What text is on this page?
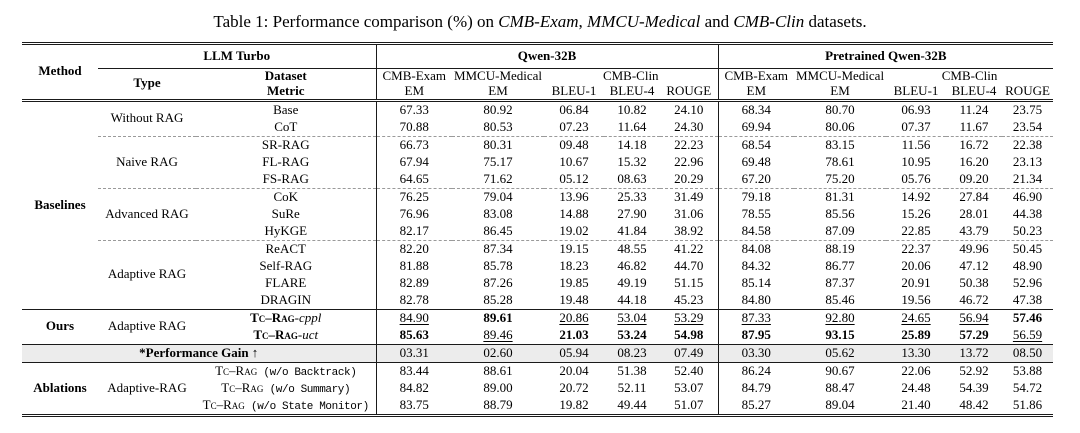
Table 1: Performance comparison (%) on CMB-Exam, MMCU-Medical and CMB-Clin datasets.
Method	LLM Turbo		Qwen-32B					Pretrained Qwen-32B				
	Type	Dataset	CMB-Exam	MMCU-Medical	CMB-Clin			CMB-Exam	MMCU-Medical	CMB-Clin		
		Metric	EM	EM	BLEU-1	BLEU-4	ROUGE	EM	EM	BLEU-1	BLEU-4	ROUGE
Baselines	Without RAG	Base	67.33	80.92	06.84	10.82	24.10	68.34	80.70	06.93	11.24	23.75
		CoT	70.88	80.53	07.23	11.64	24.30	69.94	80.06	07.37	11.67	23.54
	Naive RAG	SR-RAG	66.73	80.31	09.48	14.18	22.23	68.54	83.15	11.56	16.72	22.38
		FL-RAG	67.94	75.17	10.67	15.32	22.96	69.48	78.61	10.95	16.20	23.13
		FS-RAG	64.65	71.62	05.12	08.63	20.29	67.20	75.20	05.76	09.20	21.34
	Advanced RAG	CoK	76.25	79.04	13.96	25.33	31.49	79.18	81.31	14.92	27.84	46.90
		SuRe	76.96	83.08	14.88	27.90	31.06	78.55	85.56	15.26	28.01	44.38
		HyKGE	82.17	86.45	19.02	41.84	38.92	84.58	87.09	22.85	43.79	50.23
	Adaptive RAG	ReACT	82.20	87.34	19.15	48.55	41.22	84.08	88.19	22.37	49.96	50.45
		Self-RAG	81.88	85.78	18.23	46.82	44.70	84.32	86.77	20.06	47.12	48.90
		FLARE	82.89	87.26	19.85	49.19	51.15	85.14	87.37	20.91	50.38	52.96
		DRAGIN	82.78	85.28	19.48	44.18	45.23	84.80	85.46	19.56	46.72	47.38
Ours	Adaptive RAG	Tc–Rag-cppl	84.90	89.61	20.86	53.04	53.29	87.33	92.80	24.65	56.94	57.46
		Tc–Rag-uct	85.63	89.46	21.03	53.24	54.98	87.95	93.15	25.89	57.29	56.59
*Performance Gain ↑			03.31	02.60	05.94	08.23	07.49	03.30	05.62	13.30	13.72	08.50
Ablations	Adaptive-RAG	Tc–Rag (w/o Backtrack)	83.44	88.61	20.04	51.38	52.40	86.24	90.67	22.06	52.92	53.88
		Tc–Rag (w/o Summary)	84.82	89.00	20.72	52.11	53.07	84.79	88.47	24.48	54.39	54.72
		Tc–Rag (w/o State Monitor)	83.75	88.79	19.82	49.44	51.07	85.27	89.04	21.40	48.42	51.86
